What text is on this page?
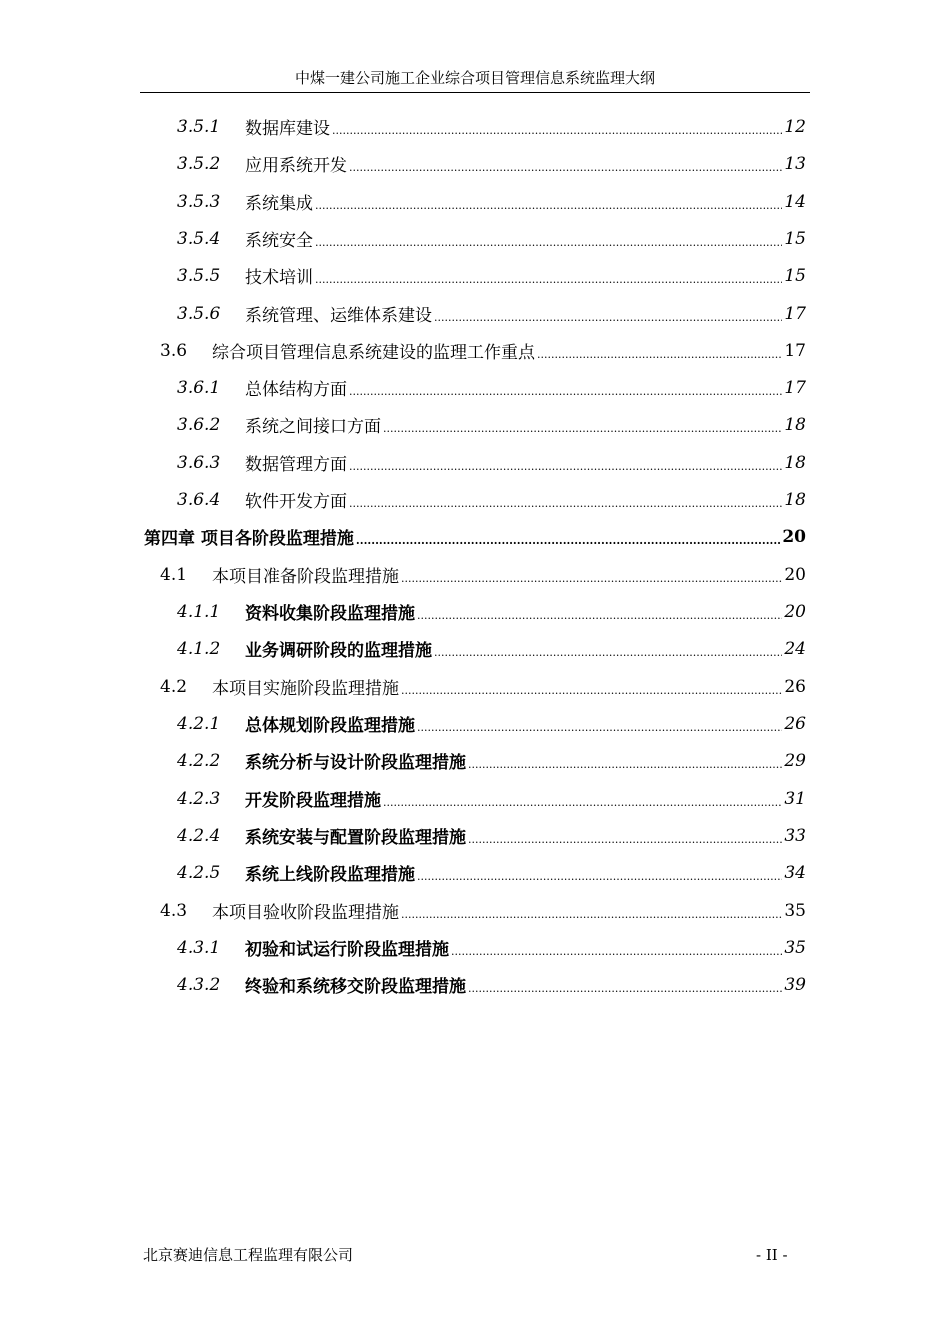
中煤一建公司施工企业综合项目管理信息系统监理大纲
3.5.1	数据库建设 .....	12
3.5.2	应用系统开发 .....	13
3.5.3	系统集成 .....	14
3.5.4	系统安全 .....	15
3.5.5	技术培训 .....	15
3.5.6	系统管理、运维体系建设 .....	17
3.6	综合项目管理信息系统建设的监理工作重点 .....	17
3.6.1	总体结构方面 .....	17
3.6.2	系统之间接口方面 .....	18
3.6.3	数据管理方面 .....	18
3.6.4	软件开发方面 .....	18
第四章 项目各阶段监理措施 .....	20
4.1	本项目准备阶段监理措施 .....	20
4.1.1	资料收集阶段监理措施 .....	20
4.1.2	业务调研阶段的监理措施 .....	24
4.2	本项目实施阶段监理措施 .....	26
4.2.1	总体规划阶段监理措施 .....	26
4.2.2	系统分析与设计阶段监理措施 .....	29
4.2.3	开发阶段监理措施 .....	31
4.2.4	系统安装与配置阶段监理措施 .....	33
4.2.5	系统上线阶段监理措施 .....	34
4.3	本项目验收阶段监理措施 .....	35
4.3.1	初验和试运行阶段监理措施 .....	35
4.3.2	终验和系统移交阶段监理措施 .....	39
北京赛迪信息工程监理有限公司	- II -
